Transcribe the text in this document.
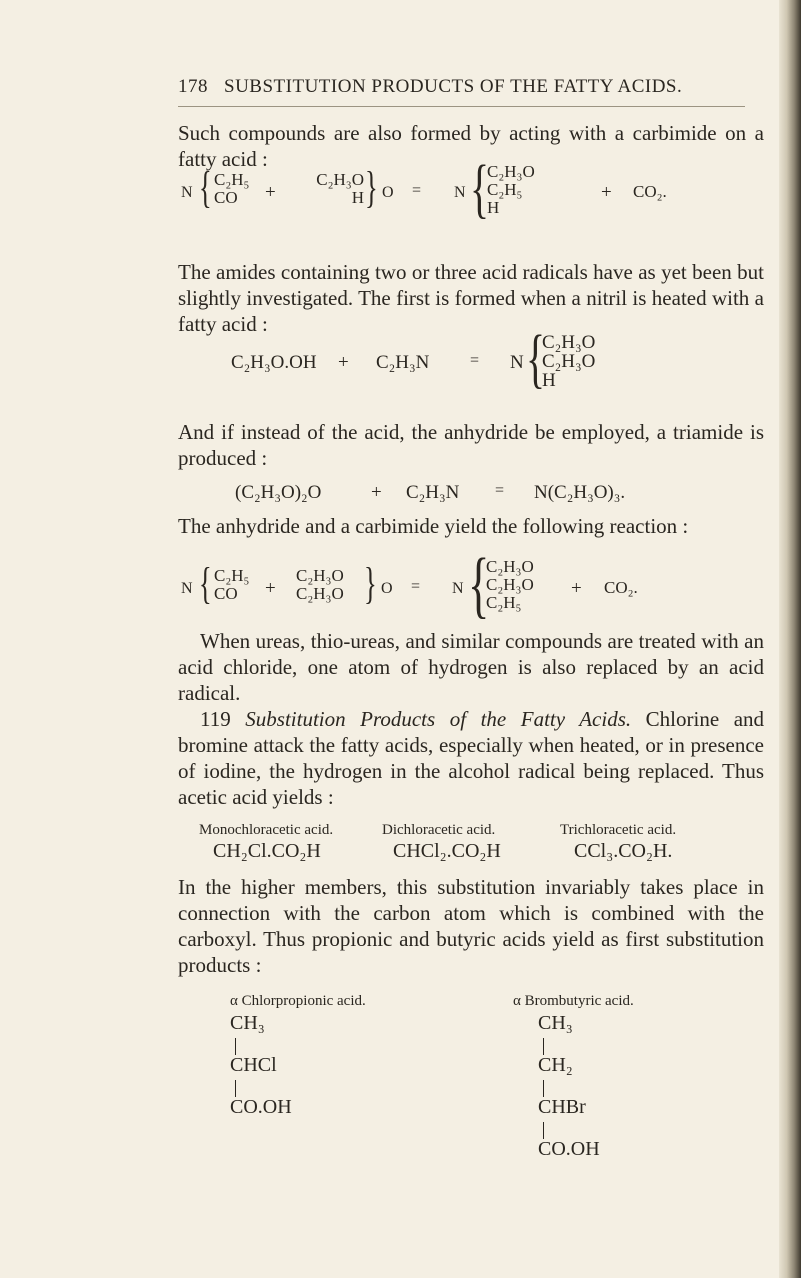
178 SUBSTITUTION PRODUCTS OF THE FATTY ACIDS.
Such compounds are also formed by acting with a carbimide on a fatty acid :
N { C₂H₅
CO	+
C₂H₃O
H } O = N {
C₂H₃O
C₂H₅
H
+ CO₂.
The amides containing two or three acid radicals have as yet been but slightly investigated. The first is formed when a nitril is heated with a fatty acid :
C₂H₃O.OH + C₂H₃N	= N {
C₂H₃O
C₂H₃O
H
And if instead of the acid, the anhydride be employed, a triamide is produced :
(C₂H₃O)₂O	+ C₂H₃N = N(C₂H₃O)₃.
The anhydride and a carbimide yield the following reaction :
N { C₂H₅
CO	+
C₂H₃O
C₂H₃O } O = N {
C₂H₃O
C₂H₃O
C₂H₅
+ CO₂.
When ureas, thio-ureas, and similar compounds are treated with an acid chloride, one atom of hydrogen is also replaced by an acid radical.
119 Substitution Products of the Fatty Acids. Chlorine and bromine attack the fatty acids, especially when heated, or in presence of iodine, the hydrogen in the alcohol radical being replaced. Thus acetic acid yields :
Monochloracetic acid.	Dichloracetic acid.	Trichloracetic acid.
CH₂Cl.CO₂H	CHCl₂.CO₂H	CCl₃.CO₂H.
In the higher members, this substitution invariably takes place in connection with the carbon atom which is combined with the carboxyl. Thus propionic and butyric acids yield as first substitution products :
α Chlorpropionic acid.
CH₃
CHCl
CO.OH
α Brombutyric acid.
CH₃
CH₂
CHBr
CO.OH
